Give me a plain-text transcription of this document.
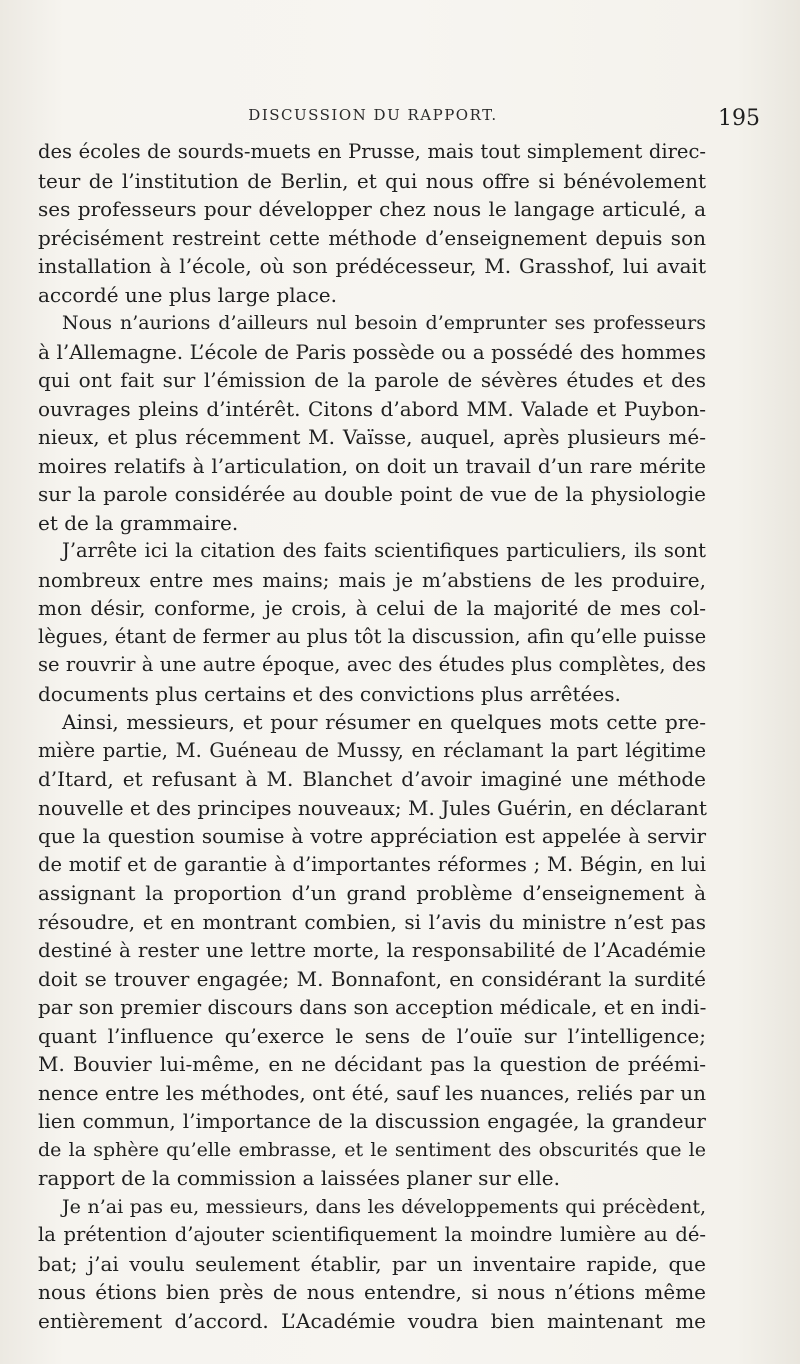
DISCUSSION DU RAPPORT.	195
des écoles de sourds-muets en Prusse, mais tout simplement direc-
teur de l’institution de Berlin, et qui nous offre si bénévolement
ses professeurs pour développer chez nous le langage articulé, a
précisément restreint cette méthode d’enseignement depuis son
installation à l’école, où son prédécesseur, M. Grasshof, lui avait
accordé une plus large place.
Nous n’aurions d’ailleurs nul besoin d’emprunter ses professeurs
à l’Allemagne. L’école de Paris possède ou a possédé des hommes
qui ont fait sur l’émission de la parole de sévères études et des
ouvrages pleins d’intérêt. Citons d’abord MM. Valade et Puybon-
nieux, et plus récemment M. Vaïsse, auquel, après plusieurs mé-
moires relatifs à l’articulation, on doit un travail d’un rare mérite
sur la parole considérée au double point de vue de la physiologie
et de la grammaire.
J’arrête ici la citation des faits scientifiques particuliers, ils sont
nombreux entre mes mains; mais je m’abstiens de les produire,
mon désir, conforme, je crois, à celui de la majorité de mes col-
lègues, étant de fermer au plus tôt la discussion, afin qu’elle puisse
se rouvrir à une autre époque, avec des études plus complètes, des
documents plus certains et des convictions plus arrêtées.
Ainsi, messieurs, et pour résumer en quelques mots cette pre-
mière partie, M. Guéneau de Mussy, en réclamant la part légitime
d’Itard, et refusant à M. Blanchet d’avoir imaginé une méthode
nouvelle et des principes nouveaux; M. Jules Guérin, en déclarant
que la question soumise à votre appréciation est appelée à servir
de motif et de garantie à d’importantes réformes ; M. Bégin, en lui
assignant la proportion d’un grand problème d’enseignement à
résoudre, et en montrant combien, si l’avis du ministre n’est pas
destiné à rester une lettre morte, la responsabilité de l’Académie
doit se trouver engagée; M. Bonnafont, en considérant la surdité
par son premier discours dans son acception médicale, et en indi-
quant l’influence qu’exerce le sens de l’ouïe sur l’intelligence;
M. Bouvier lui-même, en ne décidant pas la question de préémi-
nence entre les méthodes, ont été, sauf les nuances, reliés par un
lien commun, l’importance de la discussion engagée, la grandeur
de la sphère qu’elle embrasse, et le sentiment des obscurités que le
rapport de la commission a laissées planer sur elle.
Je n’ai pas eu, messieurs, dans les développements qui précèdent,
la prétention d’ajouter scientifiquement la moindre lumière au dé-
bat; j’ai voulu seulement établir, par un inventaire rapide, que
nous étions bien près de nous entendre, si nous n’étions même
entièrement d’accord. L’Académie voudra bien maintenant me
